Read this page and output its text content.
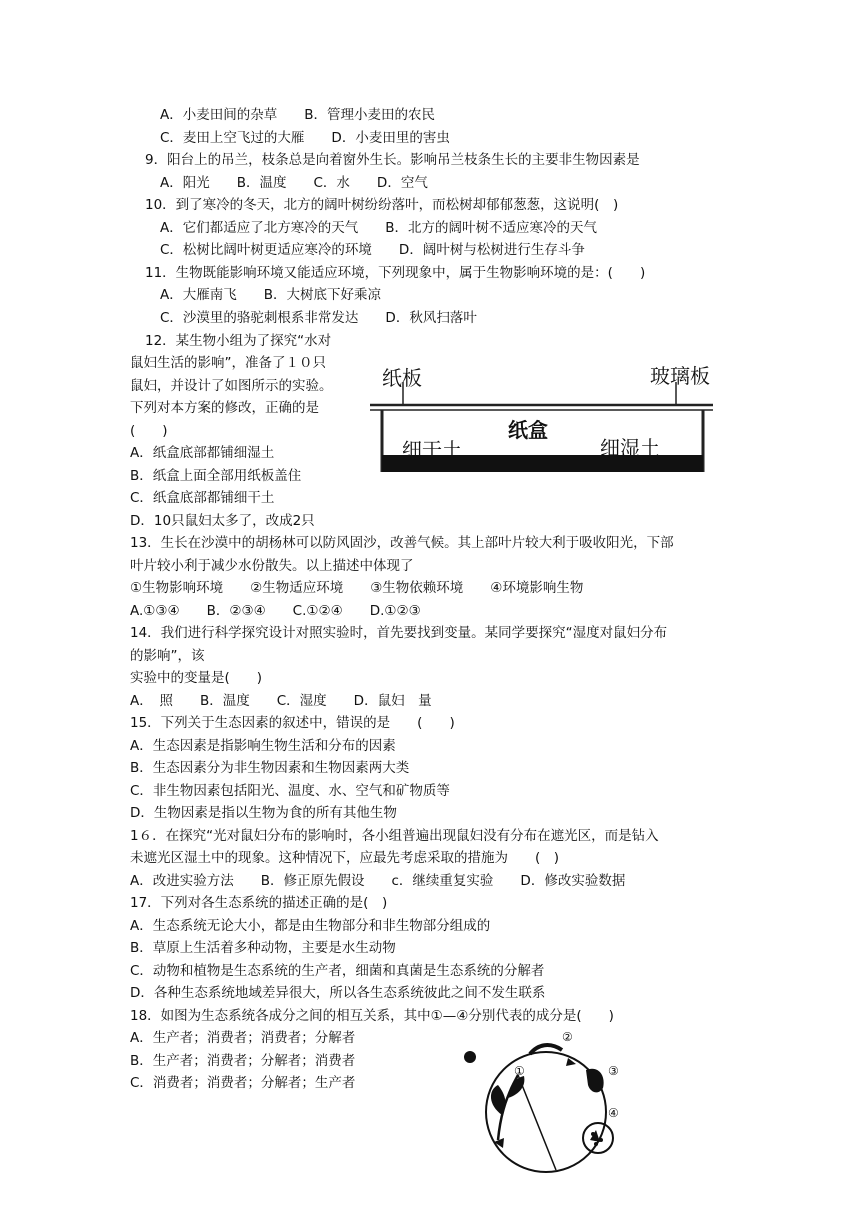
A．小麦田间的杂草　　B．管理小麦田的农民
C．麦田上空飞过的大雁　　D．小麦田里的害虫
9．阳台上的吊兰，枝条总是向着窗外生长。影响吊兰枝条生长的主要非生物因素是
A．阳光　　B．温度　　C．水　　D．空气
10．到了寒冷的冬天，北方的阔叶树纷纷落叶，而松树却郁郁葱葱，这说明(　)
A．它们都适应了北方寒冷的天气　　B．北方的阔叶树不适应寒冷的天气
C．松树比阔叶树更适应寒冷的环境　　D．阔叶树与松树进行生存斗争
11．生物既能影响环境又能适应环境，下列现象中，属于生物影响环境的是：(　　)
A．大雁南飞　　B．大树底下好乘凉
C．沙漠里的骆驼刺根系非常发达　　D．秋风扫落叶
12．某生物小组为了探究“水对
鼠妇生活的影响”，准备了１０只
鼠妇，并设计了如图所示的实验。
下列对本方案的修改，正确的是
(　　)
A．纸盒底部都铺细湿土
B．纸盒上面全部用纸板盖住
C．纸盒底部都铺细干土
D．10只鼠妇太多了，改成2只
13．生长在沙漠中的胡杨林可以防风固沙，改善气候。其上部叶片较大利于吸收阳光，下部
叶片较小利于减少水份散失。以上描述中体现了
①生物影响环境　　②生物适应环境　　③生物依赖环境　　④环境影响生物
A.①③④　　B．②③④　　C.①②④　　D.①②③
14．我们进行科学探究设计对照实验时，首先要找到变量。某同学要探究“湿度对鼠妇分布
的影响”，该
实验中的变量是(　　)
A．　照　　B．温度　　C．湿度　　D．鼠妇　量
15．下列关于生态因素的叙述中，错误的是　　(　　)
A．生态因素是指影响生物生活和分布的因素
B．生态因素分为非生物因素和生物因素两大类
C．非生物因素包括阳光、温度、水、空气和矿物质等
D．生物因素是指以生物为食的所有其他生物
1６．在探究“光对鼠妇分布的影响时，各小组普遍出现鼠妇没有分布在遮光区，而是钻入
未遮光区湿土中的现象。这种情况下，应最先考虑采取的措施为　　(　)
A．改进实验方法　　B．修正原先假设　　c．继续重复实验　　D．修改实验数据
17．下列对各生态系统的描述正确的是(　)
A．生态系统无论大小，都是由生物部分和非生物部分组成的
B．草原上生活着多种动物，主要是水生动物
C．动物和植物是生态系统的生产者，细菌和真菌是生态系统的分解者
D．各种生态系统地域差异很大，所以各生态系统彼此之间不发生联系
18．如图为生态系统各成分之间的相互关系，其中①—④分别代表的成分是(　　)
A．生产者；消费者；消费者；分解者
B．生产者；消费者；分解者；消费者
C．消费者；消费者；分解者；生产者
纸板	玻璃板
纸盒
细干土	细湿土
①
②
③
④
